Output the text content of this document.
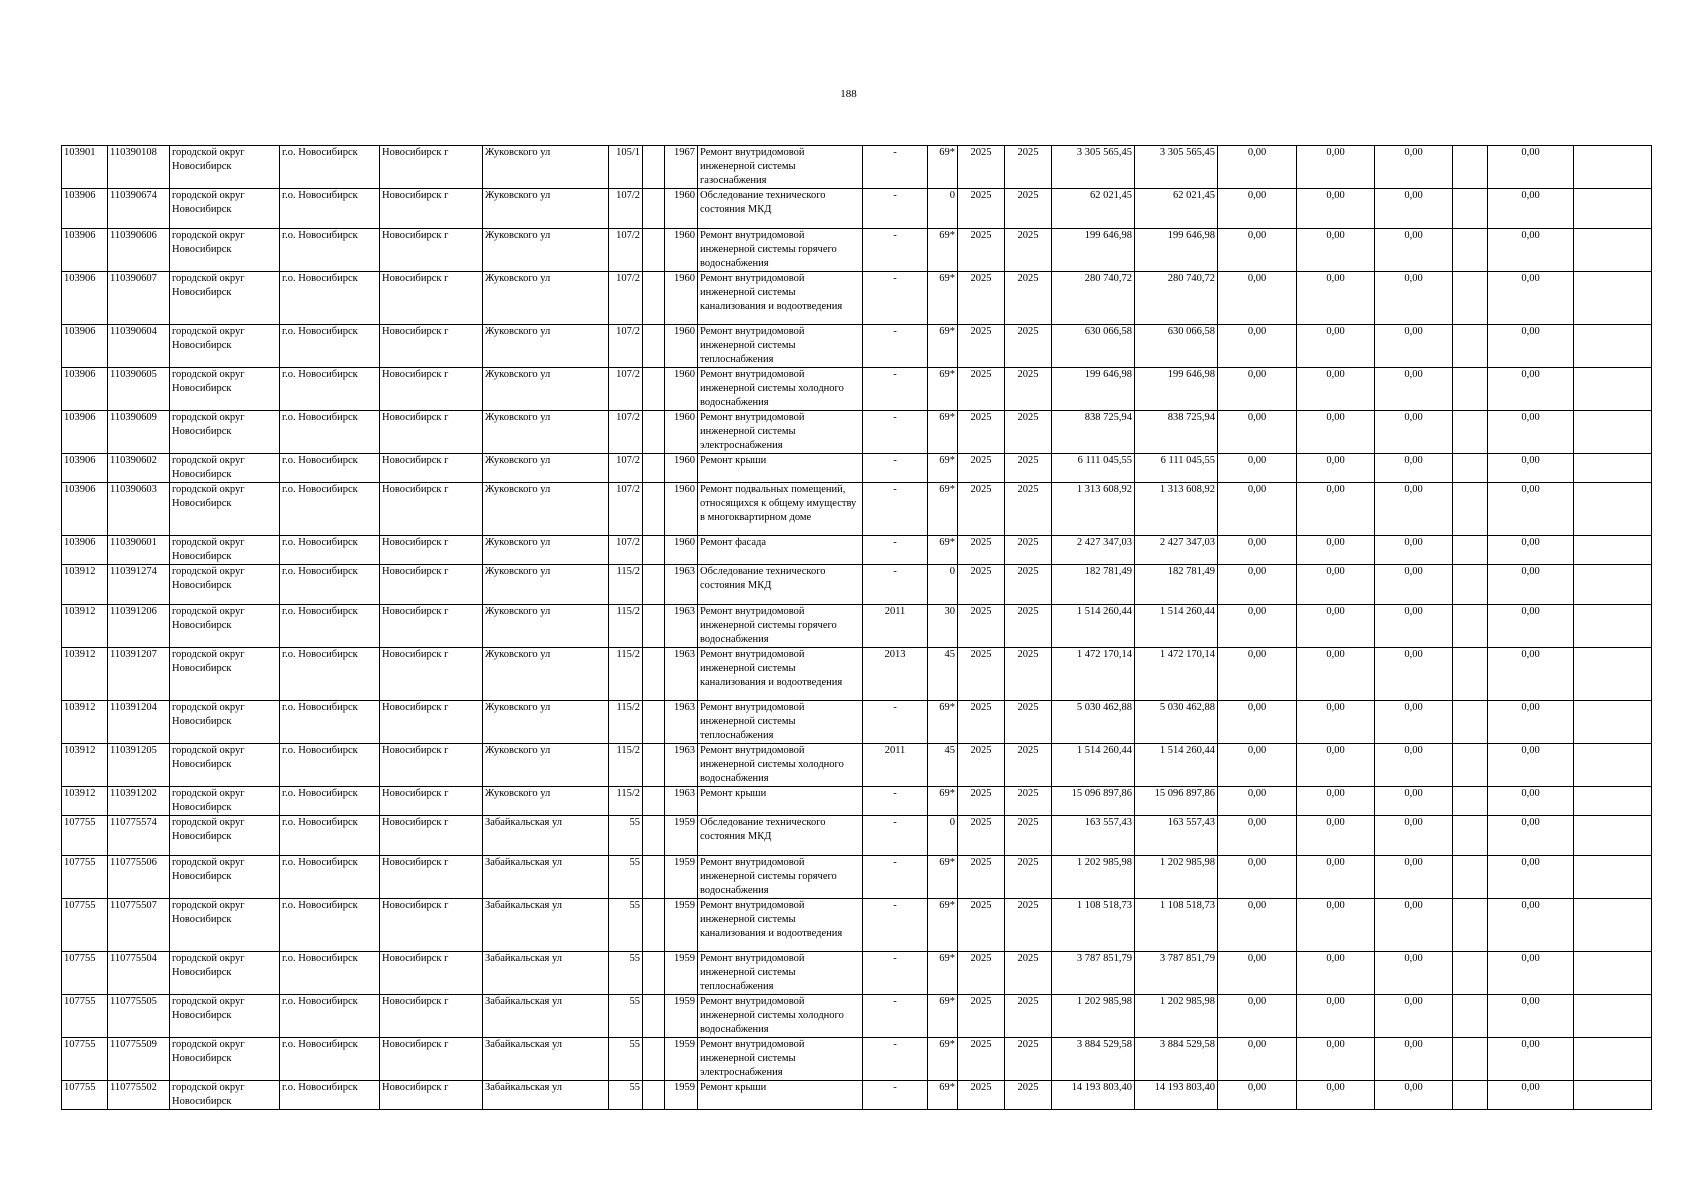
188
103901	110390108	городской округ Новосибирск	г.о. Новосибирск	Новосибирск г	Жуковского ул	105/1		1967	Ремонт внутридомовой инженерной системы газоснабжения	-	69*	2025	2025	3 305 565,45	3 305 565,45	0,00	0,00	0,00		0,00	
103906	110390674	городской округ Новосибирск	г.о. Новосибирск	Новосибирск г	Жуковского ул	107/2		1960	Обследование технического состояния МКД	-	0	2025	2025	62 021,45	62 021,45	0,00	0,00	0,00		0,00	
103906	110390606	городской округ Новосибирск	г.о. Новосибирск	Новосибирск г	Жуковского ул	107/2		1960	Ремонт внутридомовой инженерной системы горячего водоснабжения	-	69*	2025	2025	199 646,98	199 646,98	0,00	0,00	0,00		0,00	
103906	110390607	городской округ Новосибирск	г.о. Новосибирск	Новосибирск г	Жуковского ул	107/2		1960	Ремонт внутридомовой инженерной системы канализования и водоотведения	-	69*	2025	2025	280 740,72	280 740,72	0,00	0,00	0,00		0,00	
103906	110390604	городской округ Новосибирск	г.о. Новосибирск	Новосибирск г	Жуковского ул	107/2		1960	Ремонт внутридомовой инженерной системы теплоснабжения	-	69*	2025	2025	630 066,58	630 066,58	0,00	0,00	0,00		0,00	
103906	110390605	городской округ Новосибирск	г.о. Новосибирск	Новосибирск г	Жуковского ул	107/2		1960	Ремонт внутридомовой инженерной системы холодного водоснабжения	-	69*	2025	2025	199 646,98	199 646,98	0,00	0,00	0,00		0,00	
103906	110390609	городской округ Новосибирск	г.о. Новосибирск	Новосибирск г	Жуковского ул	107/2		1960	Ремонт внутридомовой инженерной системы электроснабжения	-	69*	2025	2025	838 725,94	838 725,94	0,00	0,00	0,00		0,00	
103906	110390602	городской округ Новосибирск	г.о. Новосибирск	Новосибирск г	Жуковского ул	107/2		1960	Ремонт крыши	-	69*	2025	2025	6 111 045,55	6 111 045,55	0,00	0,00	0,00		0,00	
103906	110390603	городской округ Новосибирск	г.о. Новосибирск	Новосибирск г	Жуковского ул	107/2		1960	Ремонт подвальных помещений, относящихся к общему имуществу в многоквартирном доме	-	69*	2025	2025	1 313 608,92	1 313 608,92	0,00	0,00	0,00		0,00	
103906	110390601	городской округ Новосибирск	г.о. Новосибирск	Новосибирск г	Жуковского ул	107/2		1960	Ремонт фасада	-	69*	2025	2025	2 427 347,03	2 427 347,03	0,00	0,00	0,00		0,00	
103912	110391274	городской округ Новосибирск	г.о. Новосибирск	Новосибирск г	Жуковского ул	115/2		1963	Обследование технического состояния МКД	-	0	2025	2025	182 781,49	182 781,49	0,00	0,00	0,00		0,00	
103912	110391206	городской округ Новосибирск	г.о. Новосибирск	Новосибирск г	Жуковского ул	115/2		1963	Ремонт внутридомовой инженерной системы горячего водоснабжения	2011	30	2025	2025	1 514 260,44	1 514 260,44	0,00	0,00	0,00		0,00	
103912	110391207	городской округ Новосибирск	г.о. Новосибирск	Новосибирск г	Жуковского ул	115/2		1963	Ремонт внутридомовой инженерной системы канализования и водоотведения	2013	45	2025	2025	1 472 170,14	1 472 170,14	0,00	0,00	0,00		0,00	
103912	110391204	городской округ Новосибирск	г.о. Новосибирск	Новосибирск г	Жуковского ул	115/2		1963	Ремонт внутридомовой инженерной системы теплоснабжения	-	69*	2025	2025	5 030 462,88	5 030 462,88	0,00	0,00	0,00		0,00	
103912	110391205	городской округ Новосибирск	г.о. Новосибирск	Новосибирск г	Жуковского ул	115/2		1963	Ремонт внутридомовой инженерной системы холодного водоснабжения	2011	45	2025	2025	1 514 260,44	1 514 260,44	0,00	0,00	0,00		0,00	
103912	110391202	городской округ Новосибирск	г.о. Новосибирск	Новосибирск г	Жуковского ул	115/2		1963	Ремонт крыши	-	69*	2025	2025	15 096 897,86	15 096 897,86	0,00	0,00	0,00		0,00	
107755	110775574	городской округ Новосибирск	г.о. Новосибирск	Новосибирск г	Забайкальская ул	55		1959	Обследование технического состояния МКД	-	0	2025	2025	163 557,43	163 557,43	0,00	0,00	0,00		0,00	
107755	110775506	городской округ Новосибирск	г.о. Новосибирск	Новосибирск г	Забайкальская ул	55		1959	Ремонт внутридомовой инженерной системы горячего водоснабжения	-	69*	2025	2025	1 202 985,98	1 202 985,98	0,00	0,00	0,00		0,00	
107755	110775507	городской округ Новосибирск	г.о. Новосибирск	Новосибирск г	Забайкальская ул	55		1959	Ремонт внутридомовой инженерной системы канализования и водоотведения	-	69*	2025	2025	1 108 518,73	1 108 518,73	0,00	0,00	0,00		0,00	
107755	110775504	городской округ Новосибирск	г.о. Новосибирск	Новосибирск г	Забайкальская ул	55		1959	Ремонт внутридомовой инженерной системы теплоснабжения	-	69*	2025	2025	3 787 851,79	3 787 851,79	0,00	0,00	0,00		0,00	
107755	110775505	городской округ Новосибирск	г.о. Новосибирск	Новосибирск г	Забайкальская ул	55		1959	Ремонт внутридомовой инженерной системы холодного водоснабжения	-	69*	2025	2025	1 202 985,98	1 202 985,98	0,00	0,00	0,00		0,00	
107755	110775509	городской округ Новосибирск	г.о. Новосибирск	Новосибирск г	Забайкальская ул	55		1959	Ремонт внутридомовой инженерной системы электроснабжения	-	69*	2025	2025	3 884 529,58	3 884 529,58	0,00	0,00	0,00		0,00	
107755	110775502	городской округ Новосибирск	г.о. Новосибирск	Новосибирск г	Забайкальская ул	55		1959	Ремонт крыши	-	69*	2025	2025	14 193 803,40	14 193 803,40	0,00	0,00	0,00		0,00	
